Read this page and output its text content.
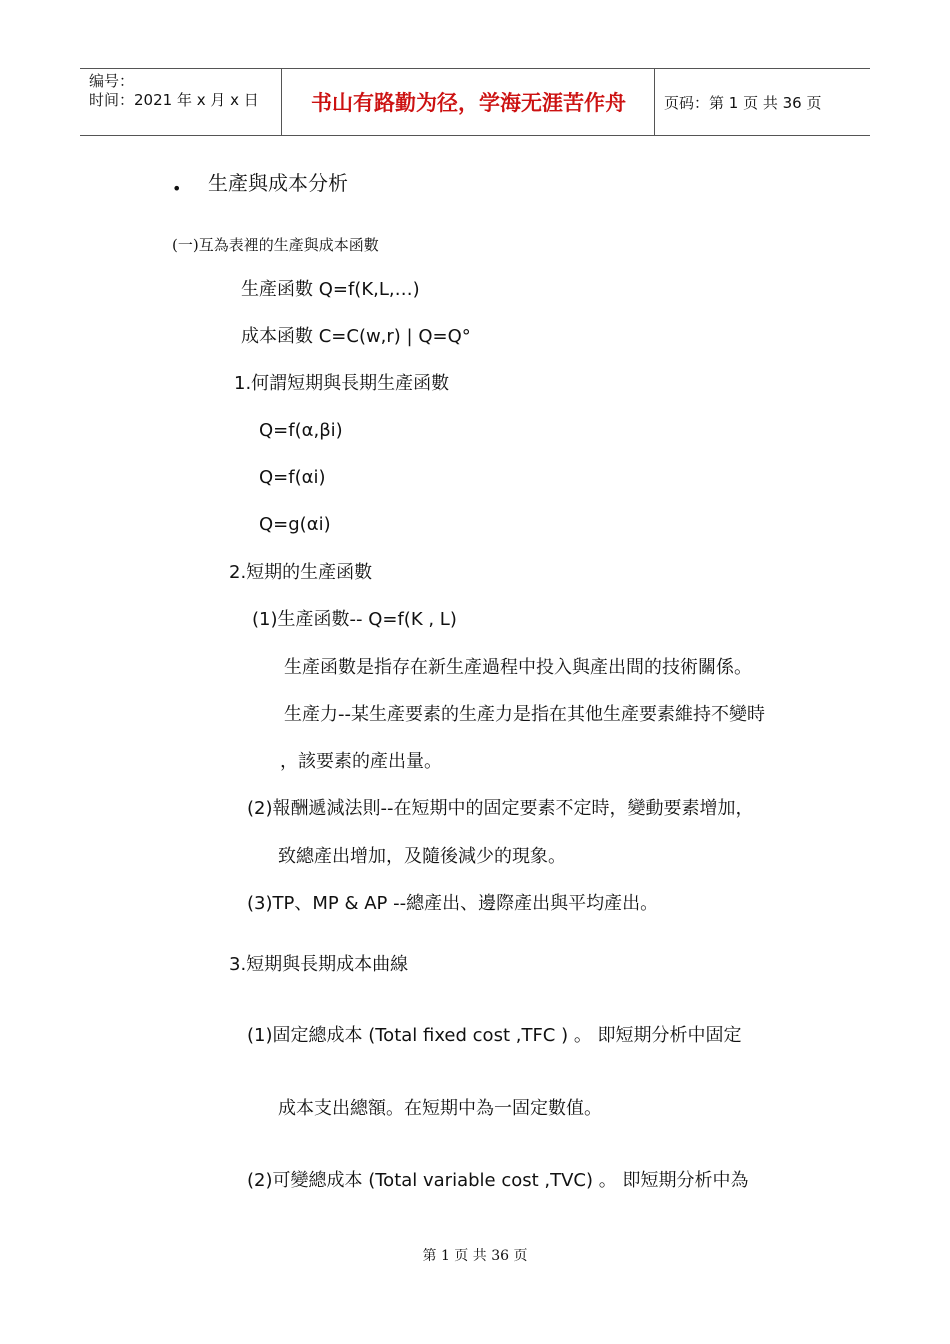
编号：
时间：2021 年 x 月 x 日	书山有路勤为径，学海无涯苦作舟	页码：第 1 页 共 36 页
• 生產與成本分析
(一)互為表裡的生產與成本函數
生產函數 Q=f(K,L,…)
成本函數 C=C(w,r) | Q=Q°
1.何謂短期與長期生產函數
Q=f(α,βi)
Q=f(αi)
Q=g(αi)
2.短期的生產函數
(1)生產函數-- Q=f(K , L)
生產函數是指存在新生產過程中投入與產出間的技術關係。
生產力--某生產要素的生產力是指在其他生產要素維持不變時
，該要素的產出量。
(2)報酬遞減法則--在短期中的固定要素不定時，變動要素增加，
致總產出增加，及隨後減少的現象。
(3)TP、MP & AP --總產出、邊際產出與平均產出。
3.短期與長期成本曲線
(1)固定總成本 (Total fixed cost ,TFC ) 。 即短期分析中固定
成本支出總額。在短期中為一固定數值。
(2)可變總成本 (Total variable cost ,TVC) 。 即短期分析中為
第 1 页 共 36 页
